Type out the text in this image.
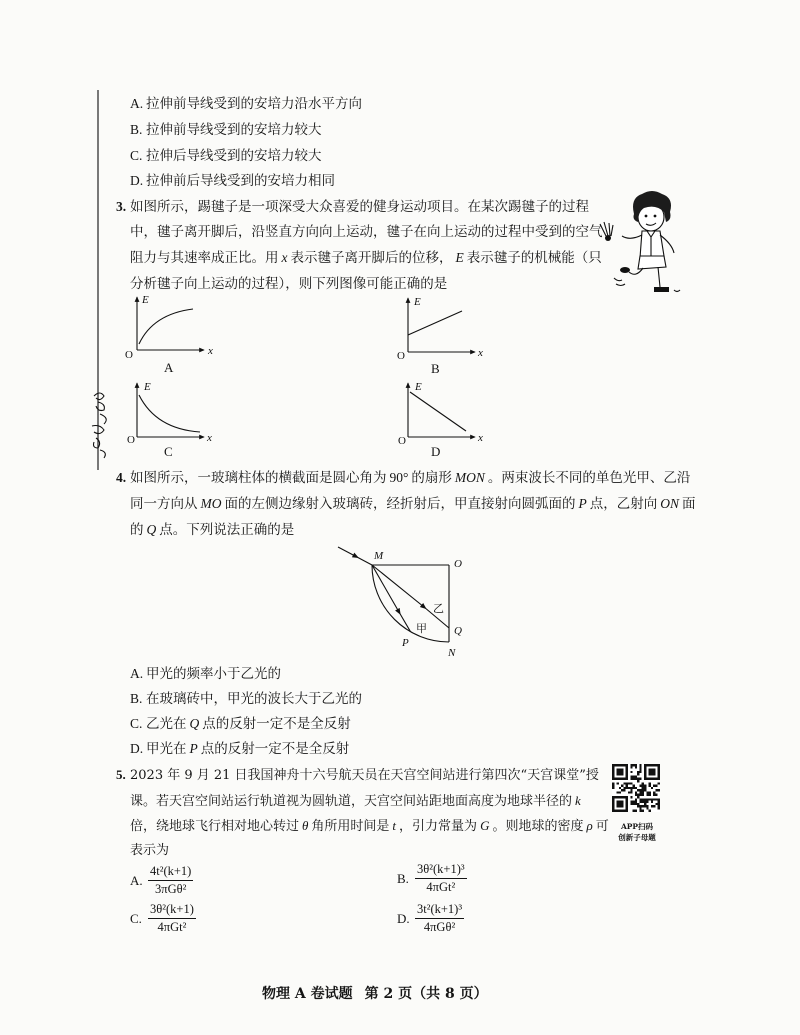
A. 拉伸前导线受到的安培力沿水平方向
B. 拉伸前导线受到的安培力较大
C. 拉伸后导线受到的安培力较大
D. 拉伸前后导线受到的安培力相同
3. 如图所示，踢毽子是一项深受大众喜爱的健身运动项目。在某次踢毽子的过程
中，毽子离开脚后，沿竖直方向向上运动，毽子在向上运动的过程中受到的空气
阻力与其速率成正比。用 x 表示毽子离开脚后的位移， E 表示毽子的机械能（只
分析毽子向上运动的过程），则下列图像可能正确的是
E
O	x
A
E
O	x
B
E
O	x
C
E
O	x
D
4. 如图所示，一玻璃柱体的横截面是圆心角为 90° 的扇形 MON 。两束波长不同的单色光甲、乙沿
同一方向从 MO 面的左侧边缘射入玻璃砖，经折射后，甲直接射向圆弧面的 P 点，乙射向 ON 面
的 Q 点。下列说法正确的是
M
O
乙
甲 Q
P
N
A. 甲光的频率小于乙光的
B. 在玻璃砖中，甲光的波长大于乙光的
C. 乙光在 Q 点的反射一定不是全反射
D. 甲光在 P 点的反射一定不是全反射
5. 2023 年 9 月 21 日我国神舟十六号航天员在天宫空间站进行第四次“天宫课堂”授
课。若天宫空间站运行轨道视为圆轨道，天宫空间站距地面高度为地球半径的 k
倍，绕地球飞行相对地心转过 θ 角所用时间是 t ，引力常量为 G 。则地球的密度 ρ 可
表示为
APP扫码
创新子母题
A. $\frac{\text{4t²(k+1)}}{\text{3πGθ²}}$	B. $\frac{\text{3θ²(k+1)³}}{\text{4πGt²}}$
C. $\frac{\text{3θ²(k+1)}}{\text{4πGt²}}$	D. $\frac{\text{3t²(k+1)³}}{\text{4πGθ²}}$
物理 A 卷试题 第 2 页（共 8 页）
